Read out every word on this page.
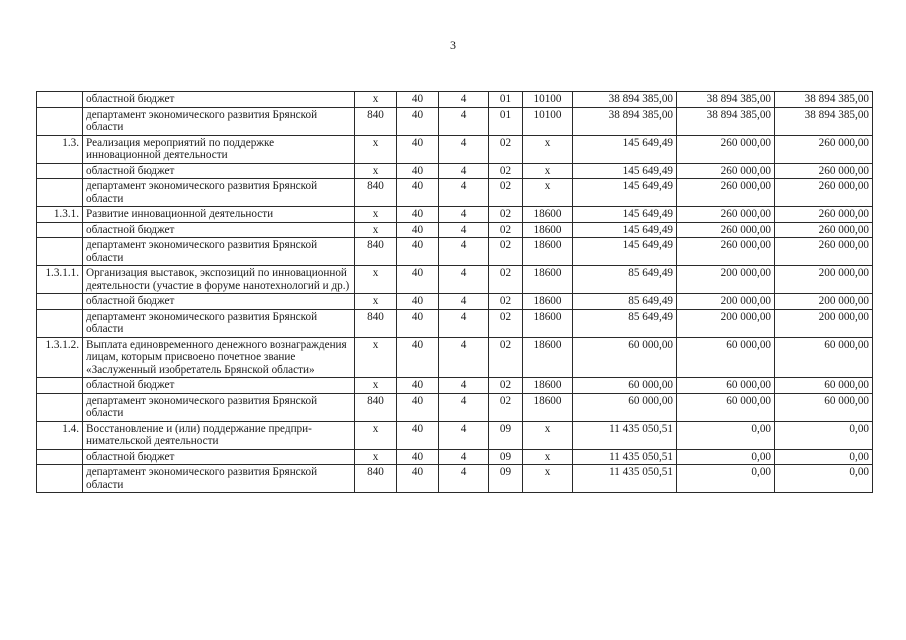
3
	областной бюджет	х	40	4	01	10100	38 894 385,00	38 894 385,00	38 894 385,00
	департамент экономического развития Брянской области	840	40	4	01	10100	38 894 385,00	38 894 385,00	38 894 385,00
1.3.	Реализация мероприятий по поддержке инновационной деятельности	х	40	4	02	х	145 649,49	260 000,00	260 000,00
	областной бюджет	х	40	4	02	х	145 649,49	260 000,00	260 000,00
	департамент экономического развития Брянской области	840	40	4	02	х	145 649,49	260 000,00	260 000,00
1.3.1.	Развитие инновационной деятельности	х	40	4	02	18600	145 649,49	260 000,00	260 000,00
	областной бюджет	х	40	4	02	18600	145 649,49	260 000,00	260 000,00
	департамент экономического развития Брянской области	840	40	4	02	18600	145 649,49	260 000,00	260 000,00
1.3.1.1.	Организация выставок, экспозиций по инновационной деятельности (участие в форуме нанотехнологий и др.)	х	40	4	02	18600	85 649,49	200 000,00	200 000,00
	областной бюджет	х	40	4	02	18600	85 649,49	200 000,00	200 000,00
	департамент экономического развития Брянской области	840	40	4	02	18600	85 649,49	200 000,00	200 000,00
1.3.1.2.	Выплата единовременного денежного вознаграждения лицам, которым присвоено почетное звание «Заслуженный изобретатель Брянской области»	х	40	4	02	18600	60 000,00	60 000,00	60 000,00
	областной бюджет	х	40	4	02	18600	60 000,00	60 000,00	60 000,00
	департамент экономического развития Брянской области	840	40	4	02	18600	60 000,00	60 000,00	60 000,00
1.4.	Восстановление и (или) поддержание предпри-нимательской деятельности	х	40	4	09	х	11 435 050,51	0,00	0,00
	областной бюджет	х	40	4	09	х	11 435 050,51	0,00	0,00
	департамент экономического развития Брянской области	840	40	4	09	х	11 435 050,51	0,00	0,00
